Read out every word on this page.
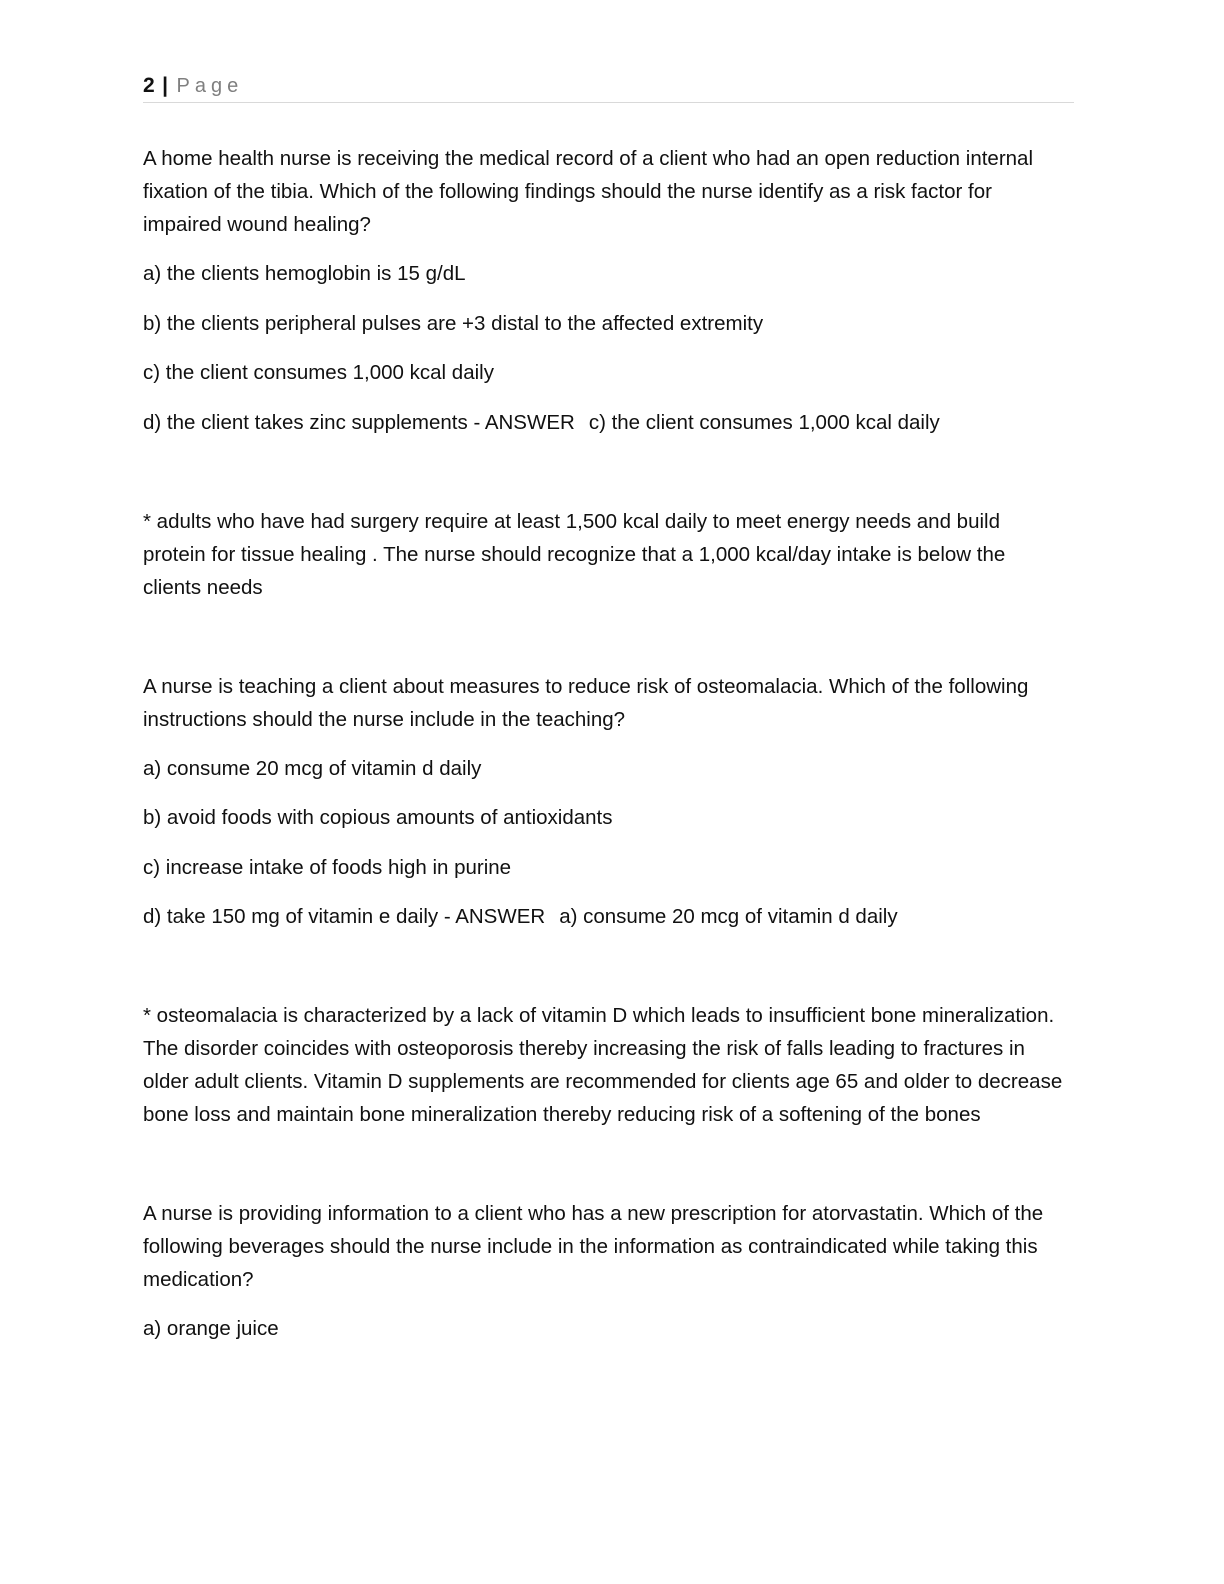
2 | Page

A home health nurse is receiving the medical record of a client who had an open reduction internal fixation of the tibia. Which of the following findings should the nurse identify as a risk factor for impaired wound healing?

a) the clients hemoglobin is 15 g/dL

b) the clients peripheral pulses are +3 distal to the affected extremity

c) the client consumes 1,000 kcal daily

d) the client takes zinc supplements - ANSWER c) the client consumes 1,000 kcal daily

* adults who have had surgery require at least 1,500 kcal daily to meet energy needs and build protein for tissue healing . The nurse should recognize that a 1,000 kcal/day intake is below the clients needs

A nurse is teaching a client about measures to reduce risk of osteomalacia. Which of the following instructions should the nurse include in the teaching?

a) consume 20 mcg of vitamin d daily

b) avoid foods with copious amounts of antioxidants

c) increase intake of foods high in purine

d) take 150 mg of vitamin e daily - ANSWER a) consume 20 mcg of vitamin d daily

* osteomalacia is characterized by a lack of vitamin D which leads to insufficient bone mineralization. The disorder coincides with osteoporosis thereby increasing the risk of falls leading to fractures in older adult clients. Vitamin D supplements are recommended for clients age 65 and older to decrease bone loss and maintain bone mineralization thereby reducing risk of a softening of the bones

A nurse is providing information to a client who has a new prescription for atorvastatin. Which of the following beverages should the nurse include in the information as contraindicated while taking this medication?

a) orange juice
